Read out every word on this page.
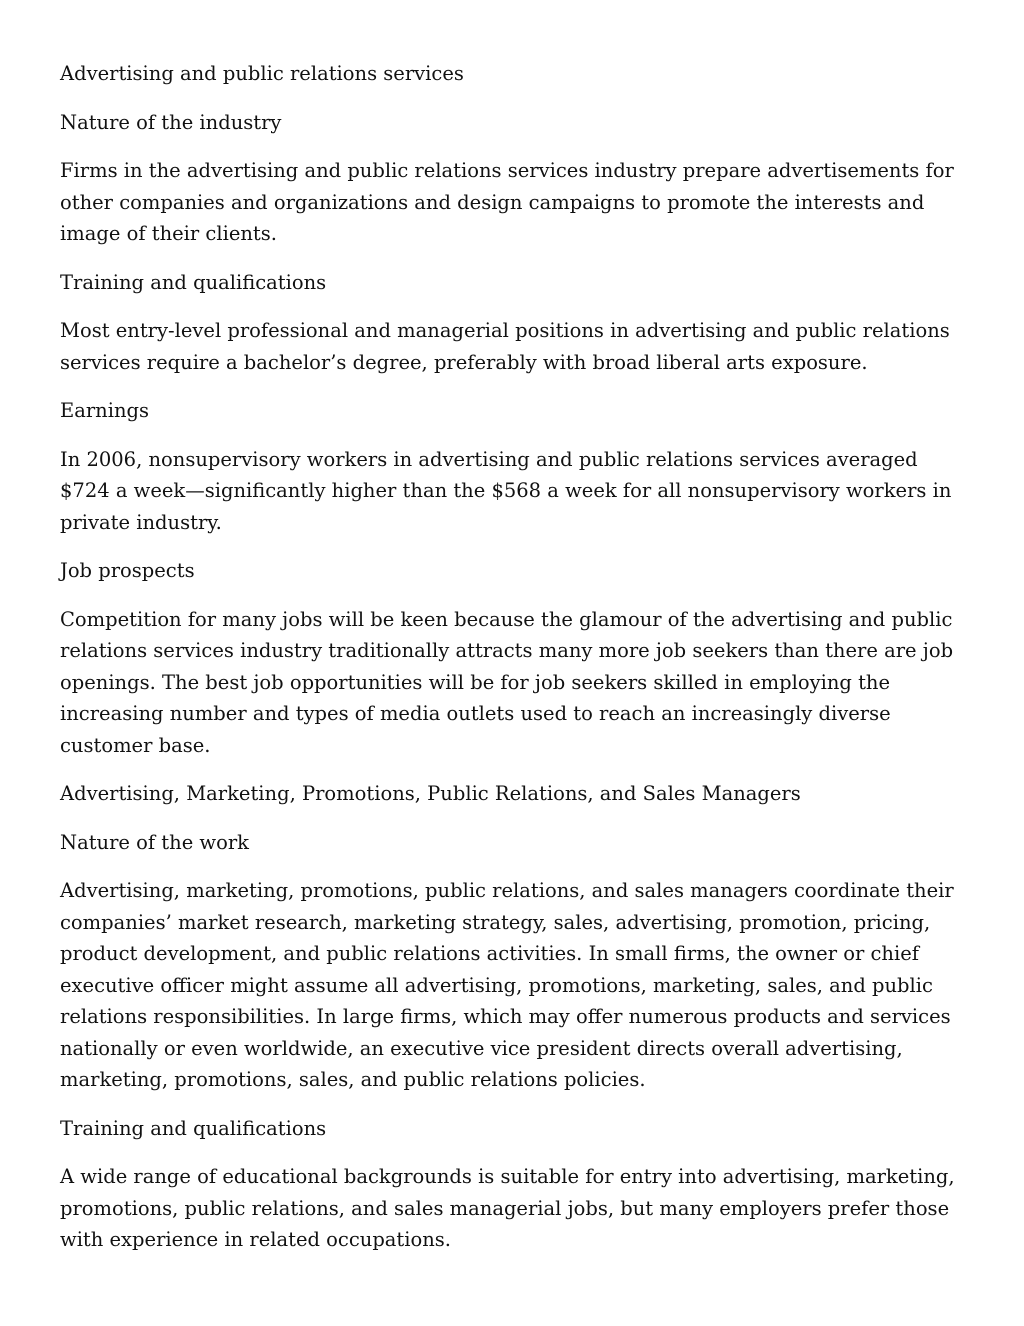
Advertising and public relations services

Nature of the industry

Firms in the advertising and public relations services industry prepare advertisements for other companies and organizations and design campaigns to promote the interests and image of their clients.

Training and qualifications

Most entry-level professional and managerial positions in advertising and public relations services require a bachelor’s degree, preferably with broad liberal arts exposure.

Earnings

In 2006, nonsupervisory workers in advertising and public relations services averaged $724 a week—significantly higher than the $568 a week for all nonsupervisory workers in private industry.

Job prospects

Competition for many jobs will be keen because the glamour of the advertising and public relations services industry traditionally attracts many more job seekers than there are job openings. The best job opportunities will be for job seekers skilled in employing the increasing number and types of media outlets used to reach an increasingly diverse customer base.

Advertising, Marketing, Promotions, Public Relations, and Sales Managers

Nature of the work

Advertising, marketing, promotions, public relations, and sales managers coordinate their companies’ market research, marketing strategy, sales, advertising, promotion, pricing, product development, and public relations activities. In small firms, the owner or chief executive officer might assume all advertising, promotions, marketing, sales, and public relations responsibilities. In large firms, which may offer numerous products and services nationally or even worldwide, an executive vice president directs overall advertising, marketing, promotions, sales, and public relations policies.

Training and qualifications

A wide range of educational backgrounds is suitable for entry into advertising, marketing, promotions, public relations, and sales managerial jobs, but many employers prefer those with experience in related occupations.
